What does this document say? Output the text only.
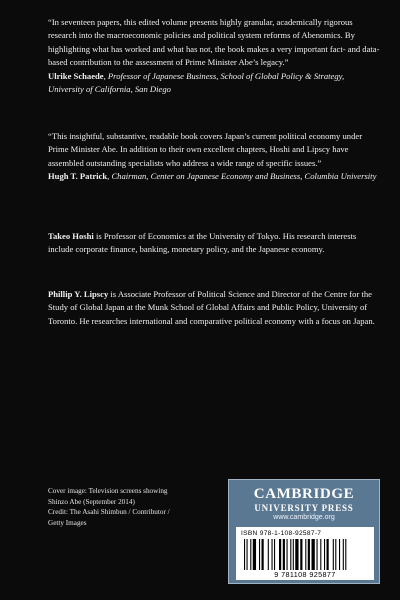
“In seventeen papers, this edited volume presents highly granular, academically rigorous research into the macroeconomic policies and political system reforms of Abenomics. By highlighting what has worked and what has not, the book makes a very important fact- and data-based contribution to the assessment of Prime Minister Abe’s legacy.”

Ulrike Schaede, Professor of Japanese Business, School of Global Policy & Strategy, University of California, San Diego

“This insightful, substantive, readable book covers Japan’s current political economy under Prime Minister Abe. In addition to their own excellent chapters, Hoshi and Lipscy have assembled outstanding specialists who address a wide range of specific issues.”

Hugh T. Patrick, Chairman, Center on Japanese Economy and Business, Columbia University

Takeo Hoshi is Professor of Economics at the University of Tokyo. His research interests include corporate finance, banking, monetary policy, and the Japanese economy.

Phillip Y. Lipscy is Associate Professor of Political Science and Director of the Centre for the Study of Global Japan at the Munk School of Global Affairs and Public Policy, University of Toronto. He researches international and comparative political economy with a focus on Japan.

Cover image: Television screens showing
Shinzo Abe (September 2014)
Credit: The Asahi Shimbun / Contributor /
Getty Images
CAMBRIDGE
UNIVERSITY PRESS
www.cambridge.org
ISBN 978-1-108-92587-7
9 781108 925877
